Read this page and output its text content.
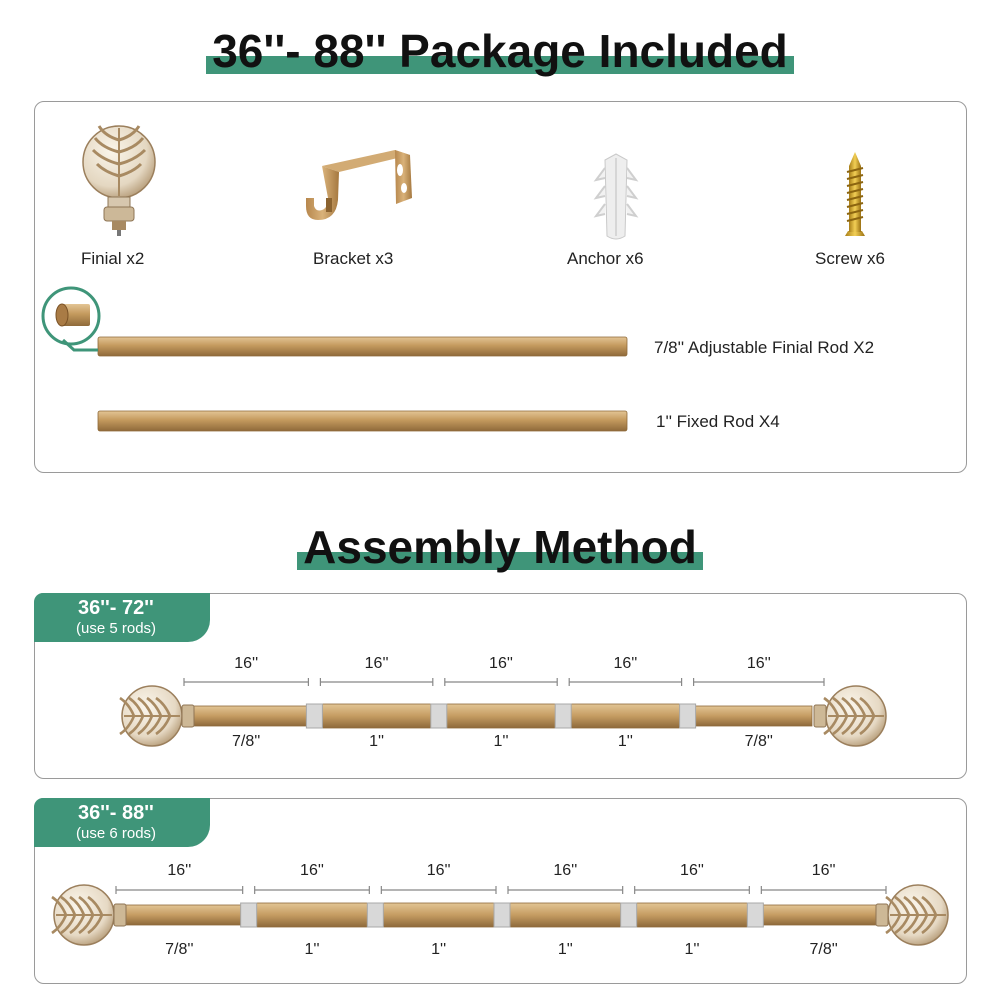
36''- 88'' Package Included
Finial x2	Bracket x3	Anchor x6	Screw x6
7/8'' Adjustable Finial Rod X2
1'' Fixed Rod X4
Assembly Method
36''- 72''
(use 5 rods)
36''- 88''
(use 6 rods)
16''
7/8''
16''
1''
16''
1''
16''
1''
16''
7/8''
16''
7/8''
16''
1''
16''
1''
16''
1''
16''
1''
16''
7/8''
